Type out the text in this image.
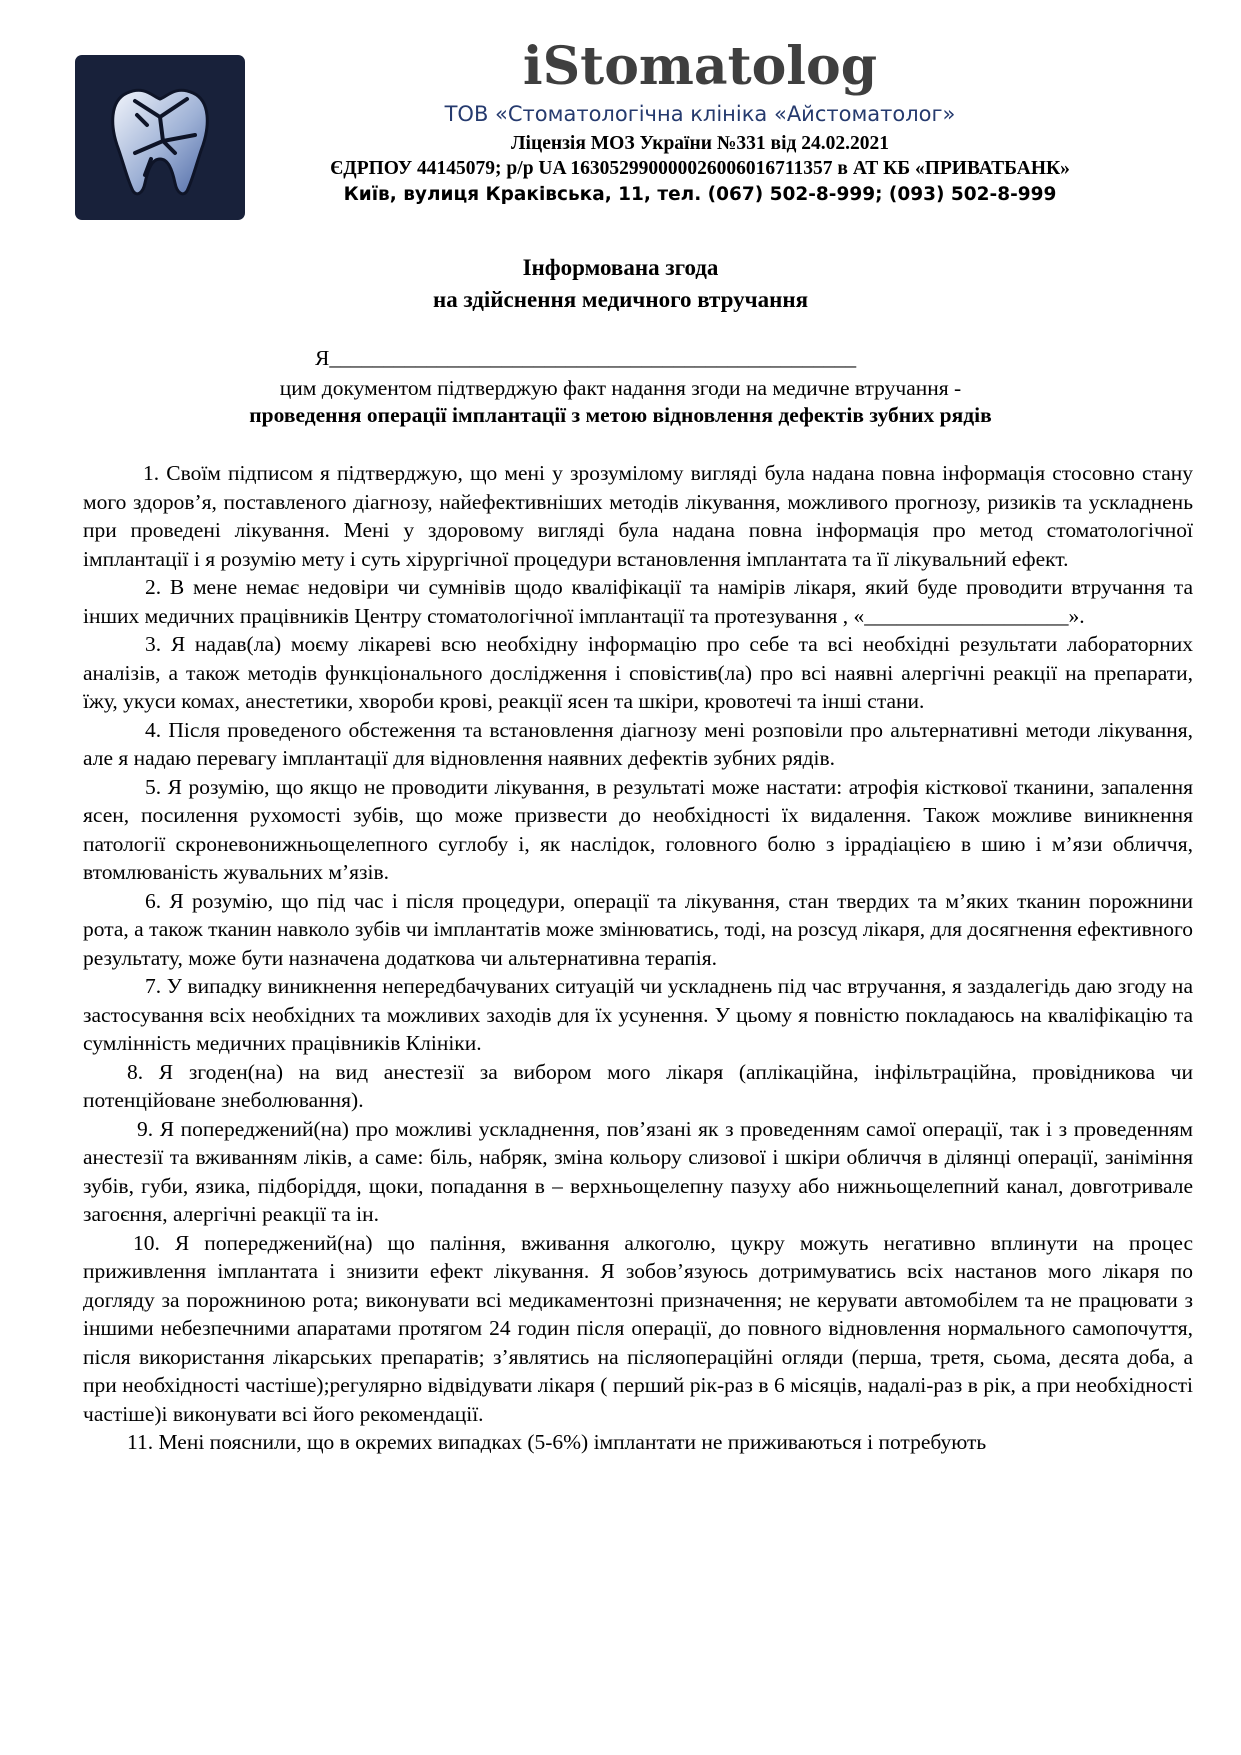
iStomatolog
ТОВ «Стоматологічна клініка «Айстоматолог»
Ліцензія МОЗ України №331 від 24.02.2021
ЄДРПОУ 44145079; р/р UA 163052990000026006016711357 в АТ КБ «ПРИВАТБАНК»
Київ, вулиця Краківська, 11, тел. (067) 502-8-999; (093) 502-8-999
Інформована згода
на здійснення медичного втручання
Я_________________________________________________
цим документом підтверджую факт надання згоди на медичне втручання -
проведення операції імплантації з метою відновлення дефектів зубних рядів

1. Своїм підписом я підтверджую, що мені у зрозумілому вигляді була надана повна інформація стосовно стану мого здоров’я, поставленого діагнозу, найефективніших методів лікування, можливого прогнозу, ризиків та ускладнень при проведені лікування. Мені у здоровому вигляді була надана повна інформація про метод стоматологічної імплантації і я розумію мету і суть хірургічної процедури встановлення імплантата та її лікувальний ефект.

2. В мене немає недовіри чи сумнівів щодо кваліфікації та намірів лікаря, який буде проводити втручання та інших медичних працівників Центру стоматологічної імплантації та протезування , «___________________».

3. Я надав(ла) моєму лікареві всю необхідну інформацію про себе та всі необхідні результати лабораторних аналізів, а також методів функціонального дослідження і сповістив(ла) про всі наявні алергічні реакції на препарати, їжу, укуси комах, анестетики, хвороби крові, реакції ясен та шкіри, кровотечі та інші стани.

4. Після проведеного обстеження та встановлення діагнозу мені розповіли про альтернативні методи лікування, але я надаю перевагу імплантації для відновлення наявних дефектів зубних рядів.

5. Я розумію, що якщо не проводити лікування, в результаті може настати: атрофія кісткової тканини, запалення ясен, посилення рухомості зубів, що може призвести до необхідності їх видалення. Також можливе виникнення патології скроневонижньощелепного суглобу і, як наслідок, головного болю з іррадіацією в шию і м’язи обличчя, втомлюваність жувальних м’язів.

6. Я розумію, що під час і після процедури, операції та лікування, стан твердих та м’яких тканин порожнини рота, а також тканин навколо зубів чи імплантатів може змінюватись, тоді, на розсуд лікаря, для досягнення ефективного результату, може бути назначена додаткова чи альтернативна терапія.

7. У випадку виникнення непередбачуваних ситуацій чи ускладнень під час втручання, я заздалегідь даю згоду на застосування всіх необхідних та можливих заходів для їх усунення. У цьому я повністю покладаюсь на кваліфікацію та сумлінність медичних працівників Клініки.

8. Я згоден(на) на вид анестезії за вибором мого лікаря (аплікаційна, інфільтраційна, провідникова чи потенційоване знеболювання).

9. Я попереджений(на) про можливі ускладнення, пов’язані як з проведенням самої операції, так і з проведенням анестезії та вживанням ліків, а саме: біль, набряк, зміна кольору слизової і шкіри обличчя в ділянці операції, заніміння зубів, губи, язика, підборіддя, щоки, попадання в – верхньощелепну пазуху або нижньощелепний канал, довготривале загоєння, алергічні реакції та ін.

10. Я попереджений(на) що паління, вживання алкоголю, цукру можуть негативно вплинути на процес приживлення імплантата і знизити ефект лікування. Я зобов’язуюсь дотримуватись всіх настанов мого лікаря по догляду за порожниною рота; виконувати всі медикаментозні призначення; не керувати автомобілем та не працювати з іншими небезпечними апаратами протягом 24 годин після операції, до повного відновлення нормального самопочуття, після використання лікарських препаратів; з’являтись на післяопераційні огляди (перша, третя, сьома, десята доба, а при необхідності частіше);регулярно відвідувати лікаря ( перший рік-раз в 6 місяців, надалі-раз в рік, а при необхідності частіше)і виконувати всі його рекомендації.

11. Мені пояснили, що в окремих випадках (5-6%) імплантати не приживаються і потребують
